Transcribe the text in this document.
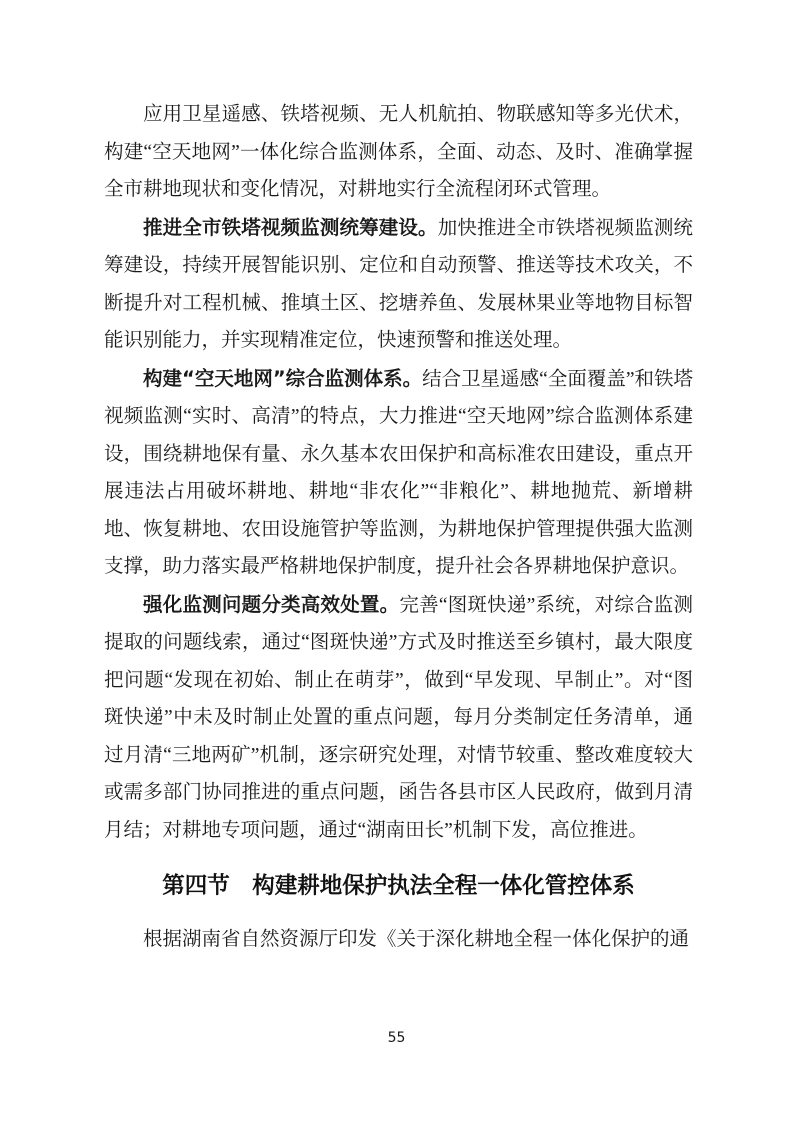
应用卫星遥感、铁塔视频、无人机航拍、物联感知等多光伏术，构建“空天地网”一体化综合监测体系，全面、动态、及时、准确掌握全市耕地现状和变化情况，对耕地实行全流程闭环式管理。

推进全市铁塔视频监测统筹建设。加快推进全市铁塔视频监测统筹建设，持续开展智能识别、定位和自动预警、推送等技术攻关，不断提升对工程机械、推填土区、挖塘养鱼、发展林果业等地物目标智能识别能力，并实现精准定位，快速预警和推送处理。

构建“空天地网”综合监测体系。结合卫星遥感“全面覆盖”和铁塔视频监测“实时、高清”的特点，大力推进“空天地网”综合监测体系建设，围绕耕地保有量、永久基本农田保护和高标准农田建设，重点开展违法占用破坏耕地、耕地“非农化”“非粮化”、耕地抛荒、新增耕地、恢复耕地、农田设施管护等监测，为耕地保护管理提供强大监测支撑，助力落实最严格耕地保护制度，提升社会各界耕地保护意识。

强化监测问题分类高效处置。完善“图斑快递”系统，对综合监测提取的问题线索，通过“图斑快递”方式及时推送至乡镇村，最大限度把问题“发现在初始、制止在萌芽”，做到“早发现、早制止”。对“图斑快递”中未及时制止处置的重点问题，每月分类制定任务清单，通过月清“三地两矿”机制，逐宗研究处理，对情节较重、整改难度较大或需多部门协同推进的重点问题，函告各县市区人民政府，做到月清月结；对耕地专项问题，通过“湖南田长”机制下发，高位推进。

第四节　构建耕地保护执法全程一体化管控体系

根据湖南省自然资源厅印发《关于深化耕地全程一体化保护的通

55
